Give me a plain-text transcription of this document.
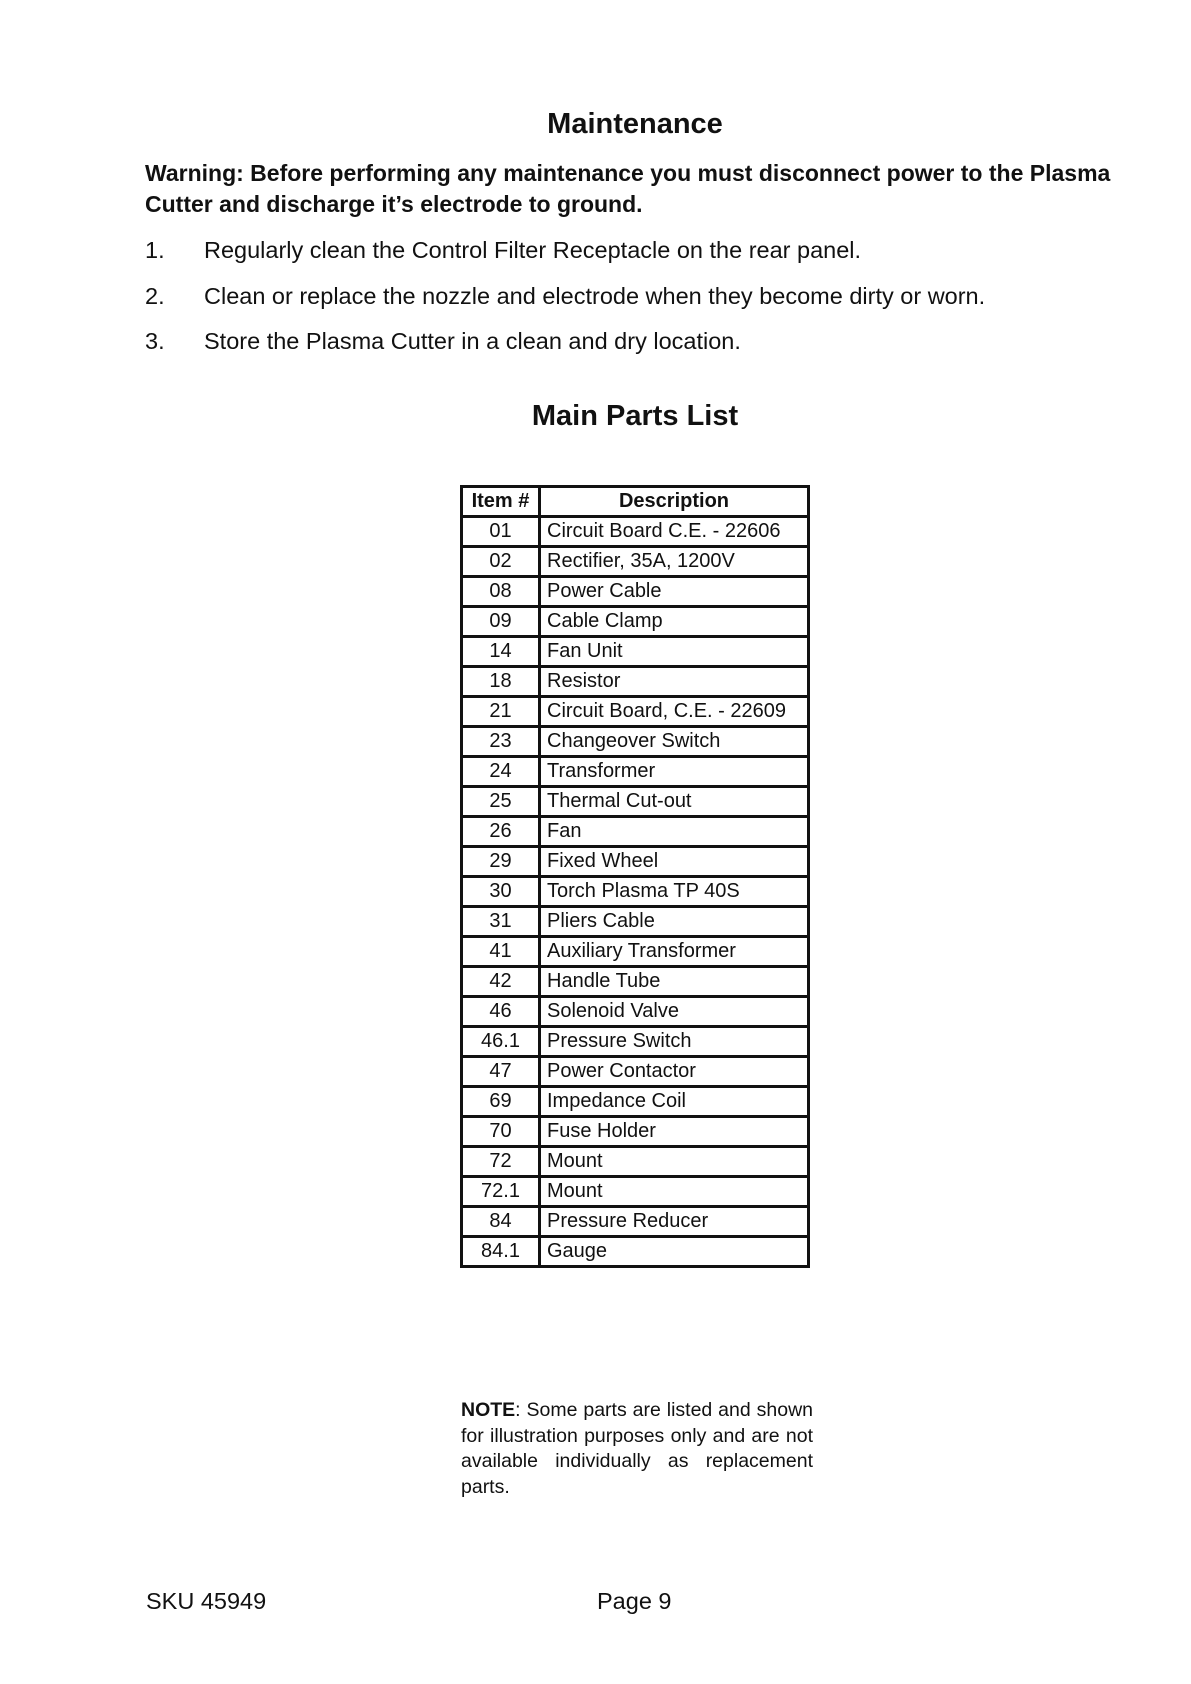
Maintenance

Warning: Before performing any maintenance you must disconnect power to the Plasma Cutter and discharge it’s electrode to ground.

1. Regularly clean the Control Filter Receptacle on the rear panel.
2. Clean or replace the nozzle and electrode when they become dirty or worn.
3. Store the Plasma Cutter in a clean and dry location.
Main Parts List
Item #	Description
01	Circuit Board C.E. - 22606
02	Rectifier, 35A, 1200V
08	Power Cable
09	Cable Clamp
14	Fan Unit
18	Resistor
21	Circuit Board, C.E. - 22609
23	Changeover Switch
24	Transformer
25	Thermal Cut-out
26	Fan
29	Fixed Wheel
30	Torch Plasma TP 40S
31	Pliers Cable
41	Auxiliary Transformer
42	Handle Tube
46	Solenoid Valve
46.1	Pressure Switch
47	Power Contactor
69	Impedance Coil
70	Fuse Holder
72	Mount
72.1	Mount
84	Pressure Reducer
84.1	Gauge

NOTE: Some parts are listed and shown for illustration purposes only and are not available individually as replacement parts.

SKU 45949	Page 9
